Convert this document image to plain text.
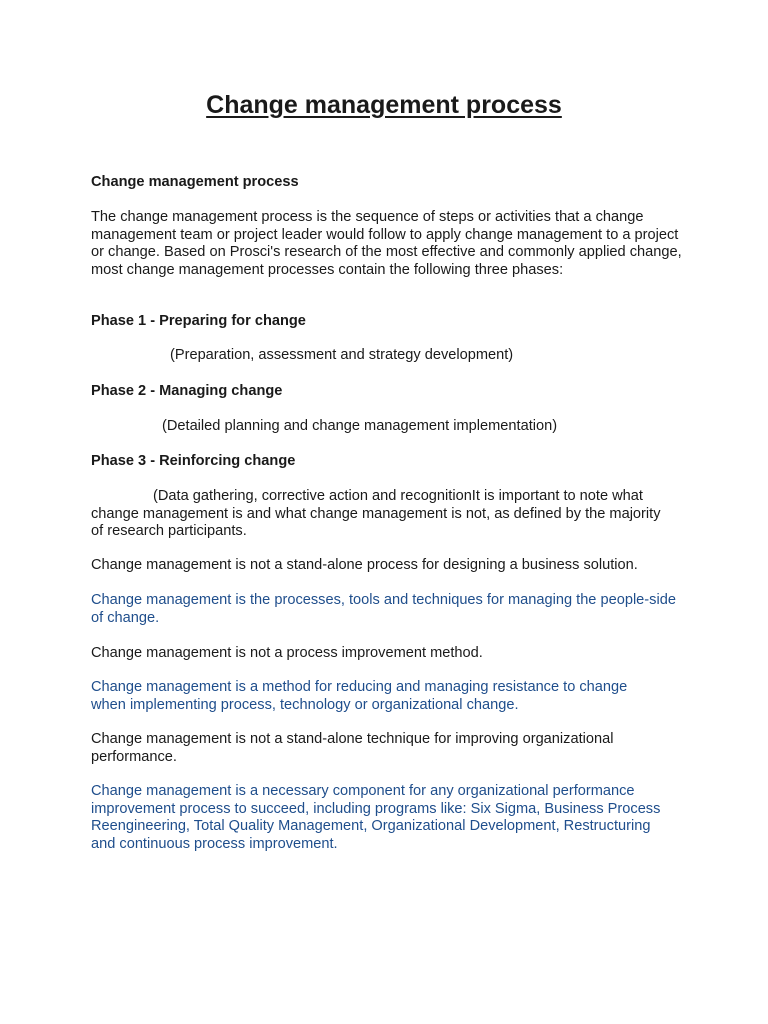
Change management process

Change management process

The change management process is the sequence of steps or activities that a change management team or project leader would follow to apply change management to a project or change. Based on Prosci's research of the most effective and commonly applied change, most change management processes contain the following three phases:

Phase 1 - Preparing for change

(Preparation, assessment and strategy development)

Phase 2 - Managing change

(Detailed planning and change management implementation)

Phase 3 - Reinforcing change

(Data gathering, corrective action and recognitionIt is important to note what change management is and what change management is not, as defined by the majority of research participants.

Change management is not a stand-alone process for designing a business solution.

Change management is the processes, tools and techniques for managing the people-side of change.

Change management is not a process improvement method.

Change management is a method for reducing and managing resistance to change when implementing process, technology or organizational change.

Change management is not a stand-alone technique for improving organizational performance.

Change management is a necessary component for any organizational performance improvement process to succeed, including programs like: Six Sigma, Business Process Reengineering, Total Quality Management, Organizational Development, Restructuring and continuous process improvement.
